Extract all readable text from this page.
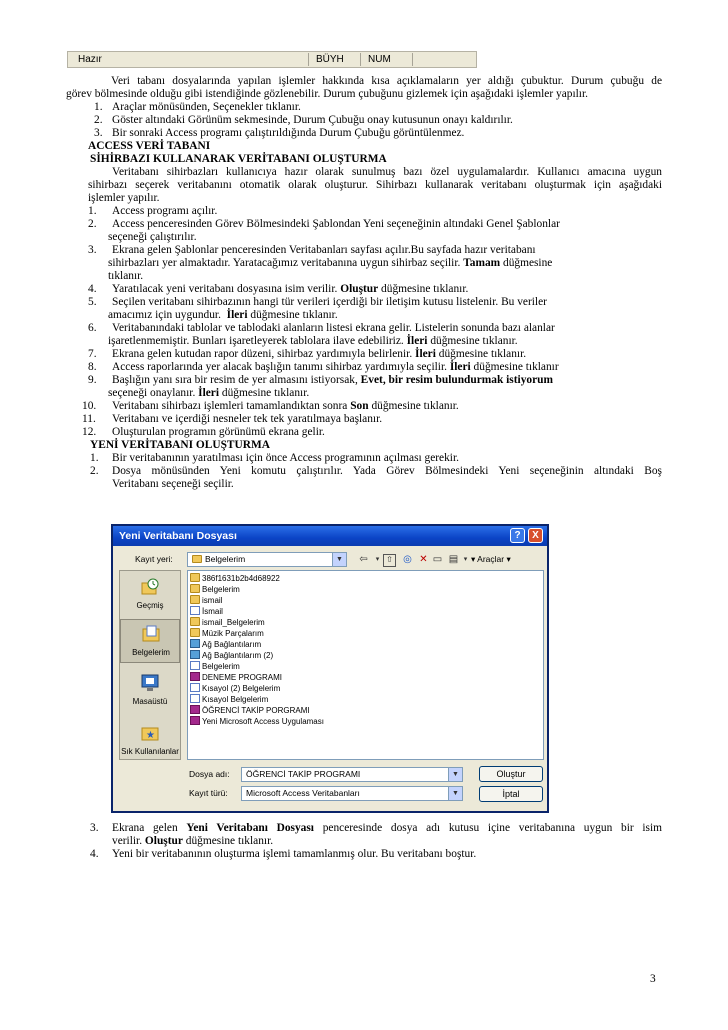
Hazır	BÜYH NUM
Veri tabanı dosyalarında yapılan işlemler hakkında kısa açıklamaların yer aldığı çubuktur. Durum çubuğu de
görev bölmesinde olduğu gibi istendiğinde gözlenebilir. Durum çubuğunu gizlemek için aşağıdaki işlemler yapılır.
1. Araçlar mönüsünden, Seçenekler tıklanır.
2. Göster altındaki Görünüm sekmesinde, Durum Çubuğu onay kutusunun onayı kaldırılır.
3. Bir sonraki Access programı çalıştırıldığında Durum Çubuğu görüntülenmez.
ACCESS VERİ TABANI
SİHİRBAZI KULLANARAK VERİTABANI OLUŞTURMA
Veritabanı sihirbazları kullanıcıya hazır olarak sunulmuş bazı özel uygulamalardır. Kullanıcı amacına uygun
sihirbazı seçerek veritabanını otomatik olarak oluşturur. Sihirbazı kullanarak veritabanı oluşturmak için aşağıdaki
işlemler yapılır.
1. Access programı açılır.
2. Access penceresinden Görev Bölmesindeki Şablondan Yeni seçeneğinin altındaki Genel Şablonlar
seçeneği çalıştırılır.
3. Ekrana gelen Şablonlar penceresinden Veritabanları sayfası açılır.Bu sayfada hazır veritabanı
sihirbazları yer almaktadır. Yaratacağımız veritabanına uygun sihirbaz seçilir. Tamam düğmesine
tıklanır.
4. Yaratılacak yeni veritabanı dosyasına isim verilir. Oluştur düğmesine tıklanır.
5. Seçilen veritabanı sihirbazının hangi tür verileri içerdiği bir iletişim kutusu listelenir. Bu veriler
amacımız için uygundur. İleri düğmesine tıklanır.
6. Veritabanındaki tablolar ve tablodaki alanların listesi ekrana gelir. Listelerin sonunda bazı alanlar
işaretlenmemiştir. Bunları işaretleyerek tablolara ilave edebiliriz. İleri düğmesine tıklanır.
7. Ekrana gelen kutudan rapor düzeni, sihirbaz yardımıyla belirlenir. İleri düğmesine tıklanır.
8. Access raporlarında yer alacak başlığın tanımı sihirbaz yardımıyla seçilir. İleri düğmesine tıklanır
9. Başlığın yanı sıra bir resim de yer almasını istiyorsak, Evet, bir resim bulundurmak istiyorum
seçeneği onaylanır. İleri düğmesine tıklanır.
10. Veritabanı sihirbazı işlemleri tamamlandıktan sonra Son düğmesine tıklanır.
11. Veritabanı ve içerdiği nesneler tek tek yaratılmaya başlanır.
12. Oluşturulan programın görünümü ekrana gelir.
YENİ VERİTABANI OLUŞTURMA
1. Bir veritabanının yaratılması için önce Access programının açılması gerekir.
2. Dosya mönüsünden Yeni komutu çalıştırılır. Yada Görev Bölmesindeki Yeni seçeneğinin altındaki Boş
Veritabanı seçeneği seçilir.
Yeni Veritabanı Dosyası	?	X
Kayıt yeri:	Belgelerim	▼	⇦	▾ ⇧	◎ ✕ ▭ ▤ ▾ ▾ Araçlar ▾
Geçmiş
Belgelerim
Masaüstü
★
Sık Kullanılanlar
386f1631b2b4d68922
Belgelerim
ismail
İsmail
ismail_Belgelerim
Müzik Parçalarım
Ağ Bağlantılarım
Ağ Bağlantılarım (2)
Belgelerim
DENEME PROGRAMI
Kısayol (2) Belgelerim
Kısayol Belgelerim
ÖĞRENCİ TAKİP PORGRAMI
Yeni Microsoft Access Uygulaması
Dosya adı:	ÖĞRENCİ TAKİP PROGRAMI	▼
Kayıt türü:	Microsoft Access Veritabanları	▼
Oluştur
İptal
3. Ekrana gelen Yeni Veritabanı Dosyası penceresinde dosya adı kutusu içine veritabanına uygun bir isim
verilir. Oluştur düğmesine tıklanır.
4. Yeni bir veritabanının oluşturma işlemi tamamlanmış olur. Bu veritabanı boştur.
3
